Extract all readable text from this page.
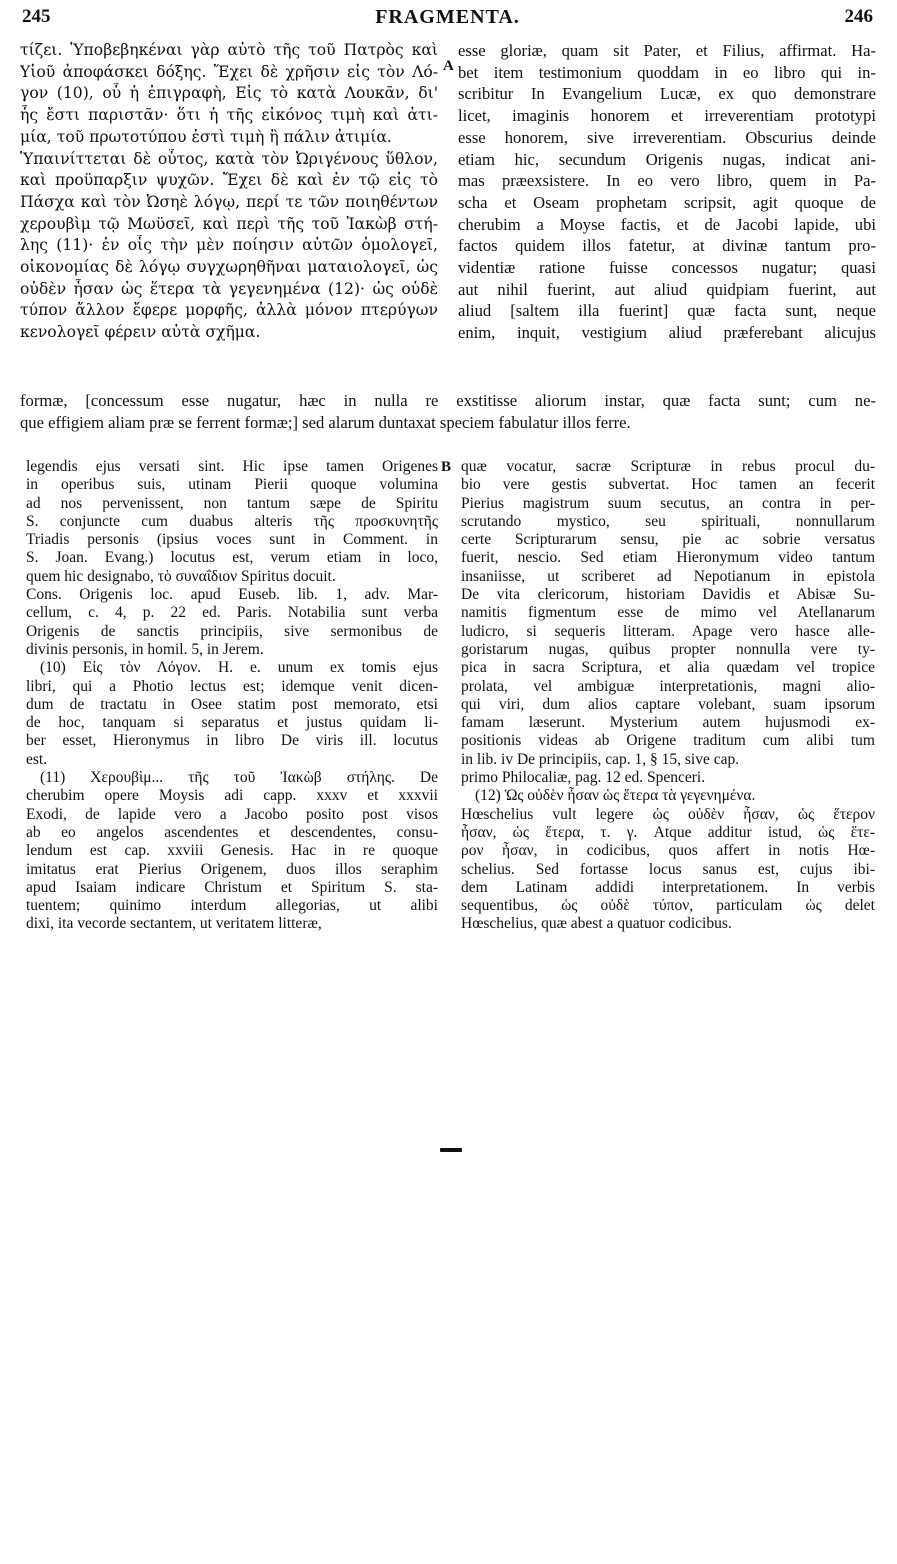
245	FRAGMENTA.	246
τίζει. Ὑποβεβηκέναι γὰρ αὐτὸ τῆς τοῦ Πατρὸς καὶ
Υἱοῦ ἀποφάσκει δόξης. Ἔχει δὲ χρῆσιν εἰς τὸν Λό-
γον (10), οὗ ἡ ἐπιγραφὴ, Εἰς τὸ κατὰ Λουκᾶν, δι'
ἧς ἔστι παριστᾶν· ὅτι ἡ τῆς εἰκόνος τιμὴ καὶ ἀτι-
μία, τοῦ πρωτοτύπου ἐστὶ τιμὴ ἢ πάλιν ἀτιμία.
Ὑπαινίττεται δὲ οὗτος, κατὰ τὸν Ὠριγένους ὕθλον,
καὶ προϋπαρξιν ψυχῶν. Ἔχει δὲ καὶ ἐν τῷ εἰς τὸ
Πάσχα καὶ τὸν Ὠσηὲ λόγῳ, περί τε τῶν ποιηθέντων
χερουβὶμ τῷ Μωϋσεῖ, καὶ περὶ τῆς τοῦ Ἰακὼβ στή-
λης (11)· ἐν οἷς τὴν μὲν ποίησιν αὐτῶν ὁμολογεῖ,
οἰκονομίας δὲ λόγῳ συγχωρηθῆναι ματαιολογεῖ, ὡς
οὐδὲν ἦσαν ὡς ἕτερα τὰ γεγενημένα (12)· ὡς οὐδὲ
τύπον ἄλλον ἔφερε μορφῆς, ἀλλὰ μόνον πτερύγων
κενολογεῖ φέρειν αὐτὰ σχῆμα.
A
esse gloriæ, quam sit Pater, et Filius, affirmat. Ha-
bet item testimonium quoddam in eo libro qui in-
scribitur In Evangelium Lucæ, ex quo demonstrare
licet, imaginis honorem et irreverentiam prototypi
esse honorem, sive irreverentiam. Obscurius deinde
etiam hic, secundum Origenis nugas, indicat ani-
mas præexsistere. In eo vero libro, quem in Pa-
scha et Oseam prophetam scripsit, agit quoque de
cherubim a Moyse factis, et de Jacobi lapide, ubi
factos quidem illos fatetur, at divinæ tantum pro-
videntiæ ratione fuisse concessos nugatur; quasi
aut nihil fuerint, aut aliud quidpiam fuerint, aut
aliud [saltem illa fuerint] quæ facta sunt, neque
enim, inquit, vestigium aliud præferebant alicujus
formæ, [concessum esse nugatur, hæc in nulla re exstitisse aliorum instar, quæ facta sunt; cum ne-
que effigiem aliam præ se ferrent formæ;] sed alarum duntaxat speciem fabulatur illos ferre.
B
legendis ejus versati sint. Hic ipse tamen Origenes
in operibus suis, utinam Pierii quoque volumina
ad nos pervenissent, non tantum sæpe de Spiritu
S. conjuncte cum duabus alteris τῆς προσκυνητῆς
Triadis personis (ipsius voces sunt in Comment. in
S. Joan. Evang.) locutus est, verum etiam in loco,
quem hic designabo, τὸ συναΐδιον Spiritus docuit.
Cons. Origenis loc. apud Euseb. lib. 1, adv. Mar-
cellum, c. 4, p. 22 ed. Paris. Notabilia sunt verba
Origenis de sanctis principiis, sive sermonibus de
divinis personis, in homil. 5, in Jerem.
(10) Εἰς τὸν Λόγον. H. e. unum ex tomis ejus
libri, qui a Photio lectus est; idemque venit dicen-
dum de tractatu in Osee statim post memorato, etsi
de hoc, tanquam si separatus et justus quidam li-
ber esset, Hieronymus in libro De viris ill. locutus
est.
(11) Χερουβὶμ... τῆς τοῦ Ἰακὼβ στήλης. De
cherubim opere Moysis adi capp. xxxv et xxxvii
Exodi, de lapide vero a Jacobo posito post visos
ab eo angelos ascendentes et descendentes, consu-
lendum est cap. xxviii Genesis. Hac in re quoque
imitatus erat Pierius Origenem, duos illos seraphim
apud Isaiam indicare Christum et Spiritum S. sta-
tuentem; quinimo interdum allegorias, ut alibi
dixi, ita vecorde sectantem, ut veritatem litteræ,
quæ vocatur, sacræ Scripturæ in rebus procul du-
bio vere gestis subvertat. Hoc tamen an fecerit
Pierius magistrum suum secutus, an contra in per-
scrutando mystico, seu spirituali, nonnullarum
certe Scripturarum sensu, pie ac sobrie versatus
fuerit, nescio. Sed etiam Hieronymum video tantum
insaniisse, ut scriberet ad Nepotianum in epistola
De vita clericorum, historiam Davidis et Abisæ Su-
namitis figmentum esse de mimo vel Atellanarum
ludicro, si sequeris litteram. Apage vero hasce alle-
goristarum nugas, quibus propter nonnulla vere ty-
pica in sacra Scriptura, et alia quædam vel tropice
prolata, vel ambiguæ interpretationis, magni alio-
qui viri, dum alios captare volebant, suam ipsorum
famam læserunt. Mysterium autem hujusmodi ex-
positionis videas ab Origene traditum cum alibi tum
in lib. iv De principiis, cap. 1, § 15, sive cap.
primo Philocaliæ, pag. 12 ed. Spenceri.
(12) Ὡς οὐδὲν ἦσαν ὡς ἕτερα τὰ γεγενημένα.
Hœschelius vult legere ὡς οὐδὲν ἦσαν, ὡς ἕτερον
ἦσαν, ὡς ἕτερα, τ. γ. Atque additur istud, ὡς ἕτε-
ρον ἦσαν, in codicibus, quos affert in notis Hœ-
schelius. Sed fortasse locus sanus est, cujus ibi-
dem Latinam addidi interpretationem. In verbis
sequentibus, ὡς οὐδὲ τύπον, particulam ὡς delet
Hœschelius, quæ abest a quatuor codicibus.
